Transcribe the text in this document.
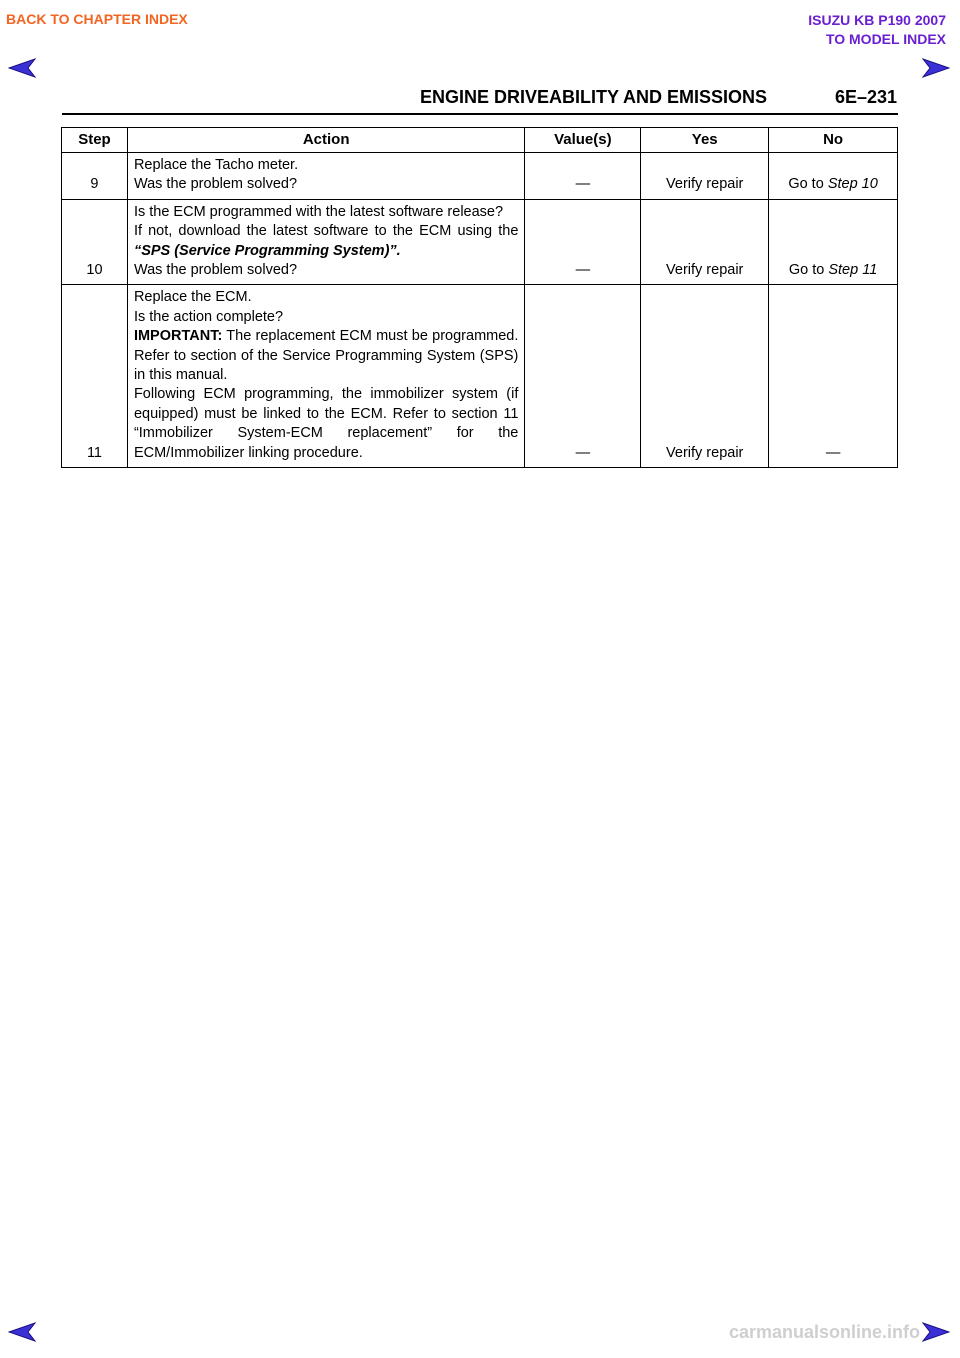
BACK TO CHAPTER INDEX	ISUZU KB P190 2007
TO MODEL INDEX
ENGINE DRIVEABILITY AND EMISSIONS	6E–231
Step	Action	Value(s)	Yes	No
9	Replace the Tacho meter.

Was the problem solved?	—	Verify repair	Go to Step 10
10	Is the ECM programmed with the latest software release?

If not, download the latest software to the ECM using the “SPS (Service Programming System)”.

Was the problem solved?	—	Verify repair	Go to Step 11
11	Replace the ECM.

Is the action complete?

IMPORTANT: The replacement ECM must be programmed. Refer to section of the Service Programming System (SPS) in this manual.

Following ECM programming, the immobilizer system (if equipped) must be linked to the ECM. Refer to section 11 “Immobilizer System-ECM replacement” for the ECM/Immobilizer linking procedure.	—	Verify repair	—
carmanualsonline.info
